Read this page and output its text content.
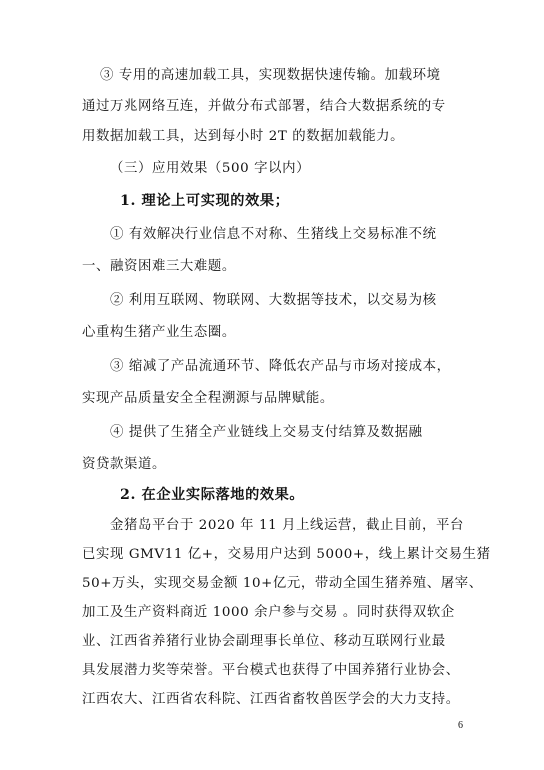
③ 专用的高速加载工具，实现数据快速传输。加载环境
通过万兆网络互连，并做分布式部署，结合大数据系统的专
用数据加载工具，达到每小时 2T 的数据加载能力。
（三）应用效果（500 字以内）
1. 理论上可实现的效果；
① 有效解决行业信息不对称、生猪线上交易标准不统
一、融资困难三大难题。
② 利用互联网、物联网、大数据等技术，以交易为核
心重构生猪产业生态圈。
③ 缩减了产品流通环节、降低农产品与市场对接成本，
实现产品质量安全全程溯源与品牌赋能。
④ 提供了生猪全产业链线上交易支付结算及数据融
资贷款渠道。
2. 在企业实际落地的效果。
金猪岛平台于 2020 年 11 月上线运营，截止目前，平台
已实现 GMV11 亿+，交易用户达到 5000+，线上累计交易生猪
50+万头，实现交易金额 10+亿元，带动全国生猪养殖、屠宰、
加工及生产资料商近 1000 余户参与交易 。同时获得双软企
业、江西省养猪行业协会副理事长单位、移动互联网行业最
具发展潜力奖等荣誉。平台模式也获得了中国养猪行业协会、
江西农大、江西省农科院、江西省畜牧兽医学会的大力支持。
6
